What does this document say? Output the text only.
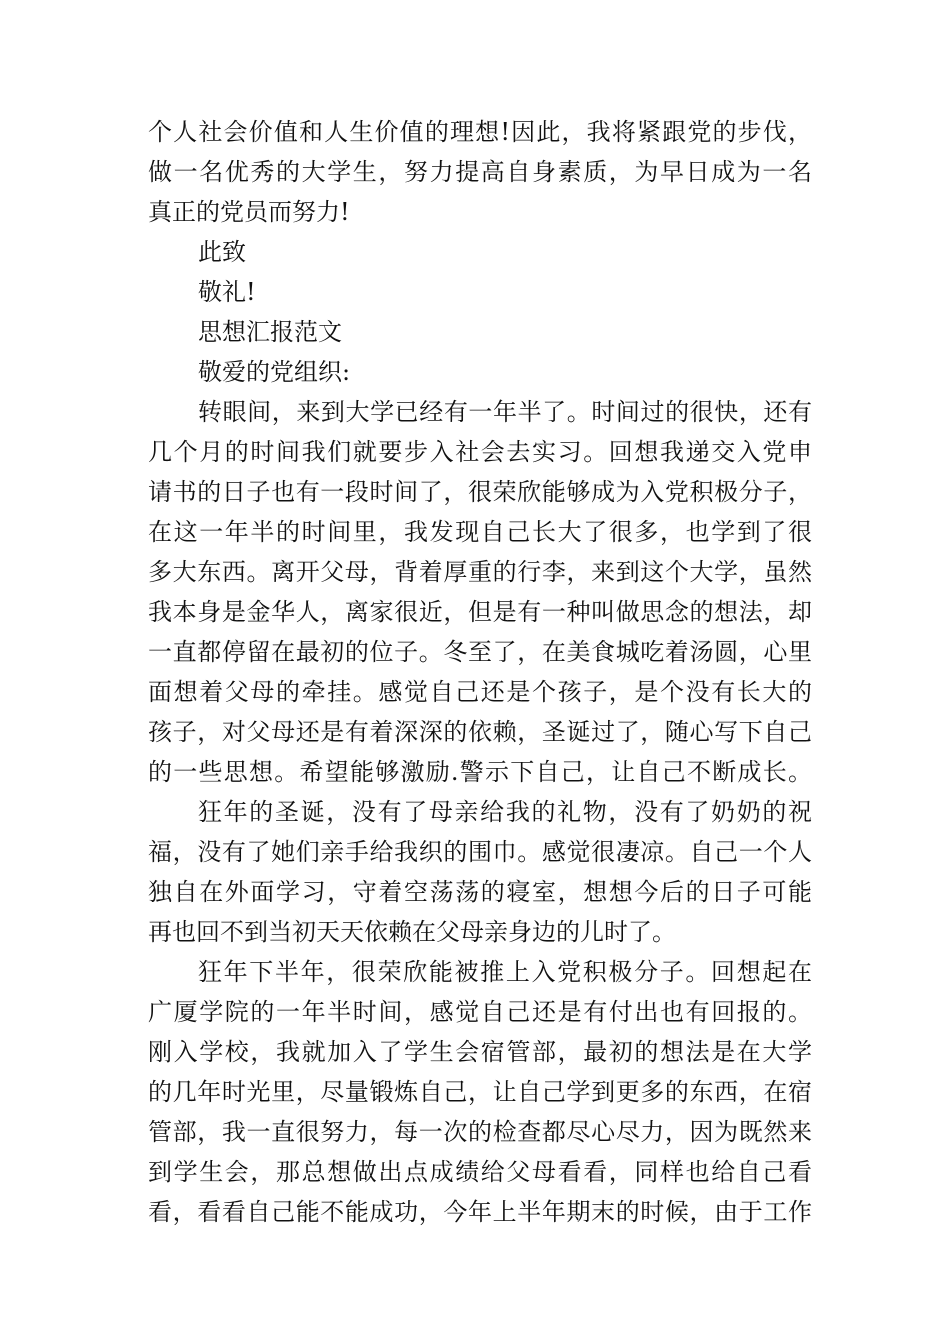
个人社会价值和人生价值的理想!因此，我将紧跟党的步伐，
做一名优秀的大学生，努力提高自身素质，为早日成为一名
真正的党员而努力!
此致
敬礼!
思想汇报范文
敬爱的党组织:
转眼间，来到大学已经有一年半了。时间过的很快，还有
几个月的时间我们就要步入社会去实习。回想我递交入党申
请书的日子也有一段时间了，很荣欣能够成为入党积极分子，
在这一年半的时间里，我发现自己长大了很多，也学到了很
多大东西。离开父母，背着厚重的行李，来到这个大学，虽然
我本身是金华人，离家很近，但是有一种叫做思念的想法，却
一直都停留在最初的位子。冬至了，在美食城吃着汤圆，心里
面想着父母的牵挂。感觉自己还是个孩子，是个没有长大的
孩子，对父母还是有着深深的依赖，圣诞过了，随心写下自己
的一些思想。希望能够激励.警示下自己，让自己不断成长。
狂年的圣诞，没有了母亲给我的礼物，没有了奶奶的祝
福，没有了她们亲手给我织的围巾。感觉很凄凉。自己一个人
独自在外面学习，守着空荡荡的寝室，想想今后的日子可能
再也回不到当初天天依赖在父母亲身边的儿时了。
狂年下半年，很荣欣能被推上入党积极分子。回想起在
广厦学院的一年半时间，感觉自己还是有付出也有回报的。
刚入学校，我就加入了学生会宿管部，最初的想法是在大学
的几年时光里，尽量锻炼自己，让自己学到更多的东西，在宿
管部，我一直很努力，每一次的检查都尽心尽力，因为既然来
到学生会，那总想做出点成绩给父母看看，同样也给自己看
看，看看自己能不能成功，今年上半年期末的时候，由于工作
